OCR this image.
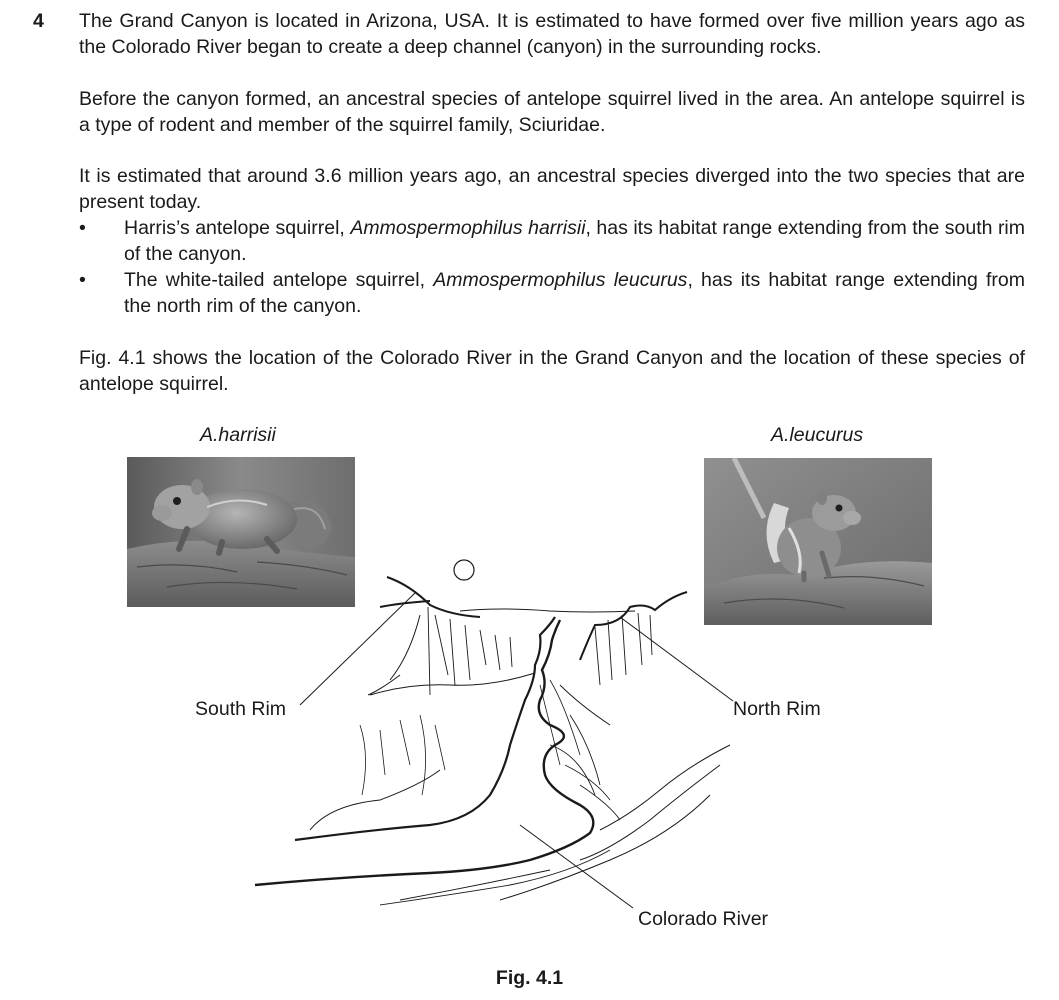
4 The Grand Canyon is located in Arizona, USA. It is estimated to have formed over five million years ago as the Colorado River began to create a deep channel (canyon) in the surrounding rocks.
Before the canyon formed, an ancestral species of antelope squirrel lived in the area. An antelope squirrel is a type of rodent and member of the squirrel family, Sciuridae.
It is estimated that around 3.6 million years ago, an ancestral species diverged into the two species that are present today.
• Harris’s antelope squirrel, Ammospermophilus harrisii, has its habitat range extending from the south rim of the canyon.
• The white-tailed antelope squirrel, Ammospermophilus leucurus, has its habitat range extending from the north rim of the canyon.
Fig. 4.1 shows the location of the Colorado River in the Grand Canyon and the location of these species of antelope squirrel.
A.harrisii	A.leucurus
South Rim	North Rim
Colorado River
Fig. 4.1
